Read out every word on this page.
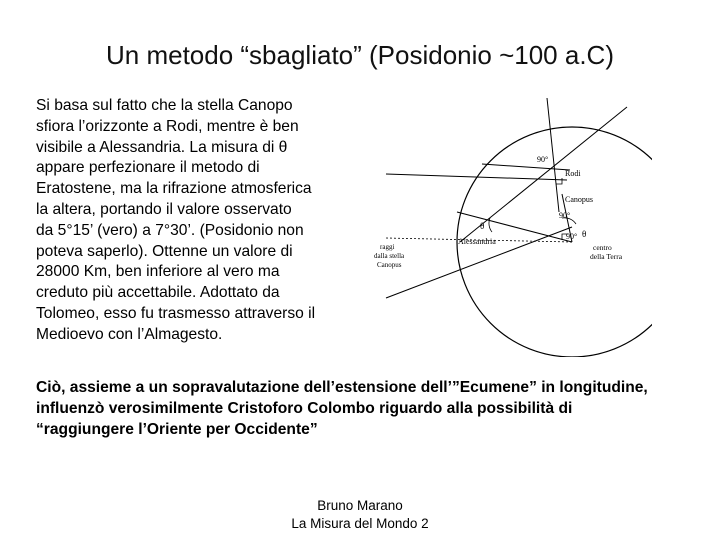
Un metodo “sbagliato” (Posidonio ~100 a.C)
Si basa sul fatto che la stella Canopo
sfiora l’orizzonte a Rodi, mentre è ben
visibile a Alessandria. La misura di θ
appare perfezionare il metodo di
Eratostene, ma la rifrazione atmosferica
la altera, portando il valore osservato
da 5°15’ (vero) a 7°30’. (Posidonio non
poteva saperlo). Ottenne un valore di
28000 Km, ben inferiore al vero ma
creduto più accettabile. Adottato da
Tolomeo, esso fu trasmesso attraverso il
Medioevo con l’Almagesto.
90°
Rodi
Canopus
90°
θ
θ
Alessandria
raggi
dalla stella
Canopus
90°
centro
della Terra
Ciò, assieme a un sopravalutazione dell’estensione dell’”Ecumene” in longitudine,
influenzò verosimilmente Cristoforo Colombo riguardo alla possibilità di
“raggiungere l’Oriente per Occidente”
Bruno Marano
La Misura del Mondo 2
